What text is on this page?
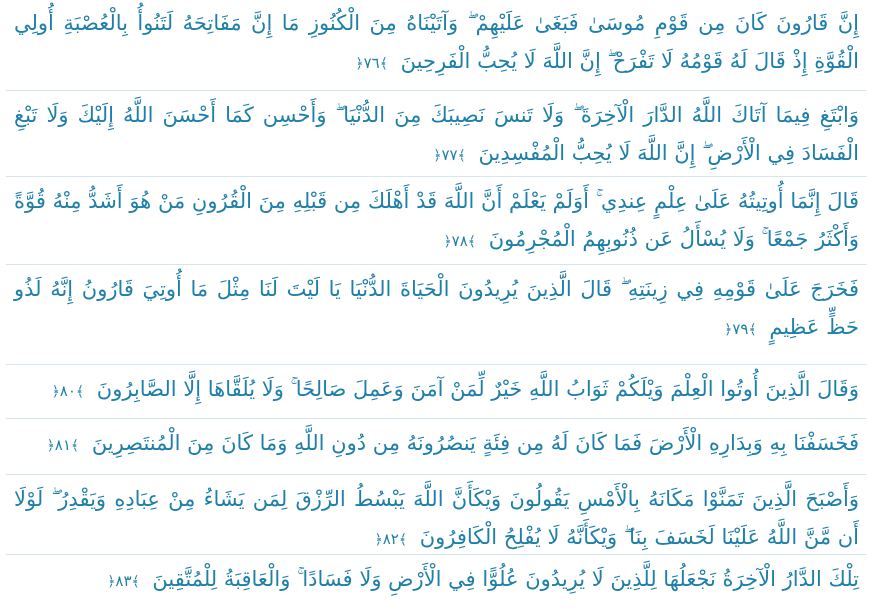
إِنَّ قَارُونَ كَانَ مِن قَوْمِ مُوسَىٰ فَبَغَىٰ عَلَيْهِمْ ۖ وَآتَيْنَاهُ مِنَ الْكُنُوزِ مَا إِنَّ مَفَاتِحَهُ لَتَنُوأُ بِالْعُصْبَةِ أُولِي الْقُوَّةِ إِذْ قَالَ لَهُ قَوْمُهُ لَا تَفْرَحْ ۖ إِنَّ اللَّهَ لَا يُحِبُّ الْفَرِحِينَ ﴾٧٦﴿
وَابْتَغِ فِيمَا آتَاكَ اللَّهُ الدَّارَ الْآخِرَةَ ۖ وَلَا تَنسَ نَصِيبَكَ مِنَ الدُّنْيَا ۖ وَأَحْسِن كَمَا أَحْسَنَ اللَّهُ إِلَيْكَ وَلَا تَبْغِ الْفَسَادَ فِي الْأَرْضِ ۖ إِنَّ اللَّهَ لَا يُحِبُّ الْمُفْسِدِينَ ﴾٧٧﴿
قَالَ إِنَّمَا أُوتِيتُهُ عَلَىٰ عِلْمٍ عِندِي ۚ أَوَلَمْ يَعْلَمْ أَنَّ اللَّهَ قَدْ أَهْلَكَ مِن قَبْلِهِ مِنَ الْقُرُونِ مَنْ هُوَ أَشَدُّ مِنْهُ قُوَّةً وَأَكْثَرُ جَمْعًا ۚ وَلَا يُسْأَلُ عَن ذُنُوبِهِمُ الْمُجْرِمُونَ ﴾٧٨﴿
فَخَرَجَ عَلَىٰ قَوْمِهِ فِي زِينَتِهِ ۖ قَالَ الَّذِينَ يُرِيدُونَ الْحَيَاةَ الدُّنْيَا يَا لَيْتَ لَنَا مِثْلَ مَا أُوتِيَ قَارُونُ إِنَّهُ لَذُو حَظٍّ عَظِيمٍ ﴾٧٩﴿
وَقَالَ الَّذِينَ أُوتُوا الْعِلْمَ وَيْلَكُمْ ثَوَابُ اللَّهِ خَيْرٌ لِّمَنْ آمَنَ وَعَمِلَ صَالِحًا ۚ وَلَا يُلَقَّاهَا إِلَّا الصَّابِرُونَ ﴾٨٠﴿
فَخَسَفْنَا بِهِ وَبِدَارِهِ الْأَرْضَ فَمَا كَانَ لَهُ مِن فِئَةٍ يَنصُرُونَهُ مِن دُونِ اللَّهِ وَمَا كَانَ مِنَ الْمُنتَصِرِينَ ﴾٨١﴿
وَأَصْبَحَ الَّذِينَ تَمَنَّوْا مَكَانَهُ بِالْأَمْسِ يَقُولُونَ وَيْكَأَنَّ اللَّهَ يَبْسُطُ الرِّزْقَ لِمَن يَشَاءُ مِنْ عِبَادِهِ وَيَقْدِرُ ۖ لَوْلَا أَن مَّنَّ اللَّهُ عَلَيْنَا لَخَسَفَ بِنَا ۖ وَيْكَأَنَّهُ لَا يُفْلِحُ الْكَافِرُونَ ﴾٨٢﴿
تِلْكَ الدَّارُ الْآخِرَةُ نَجْعَلُهَا لِلَّذِينَ لَا يُرِيدُونَ عُلُوًّا فِي الْأَرْضِ وَلَا فَسَادًا ۚ وَالْعَاقِبَةُ لِلْمُتَّقِينَ ﴾٨٣﴿
